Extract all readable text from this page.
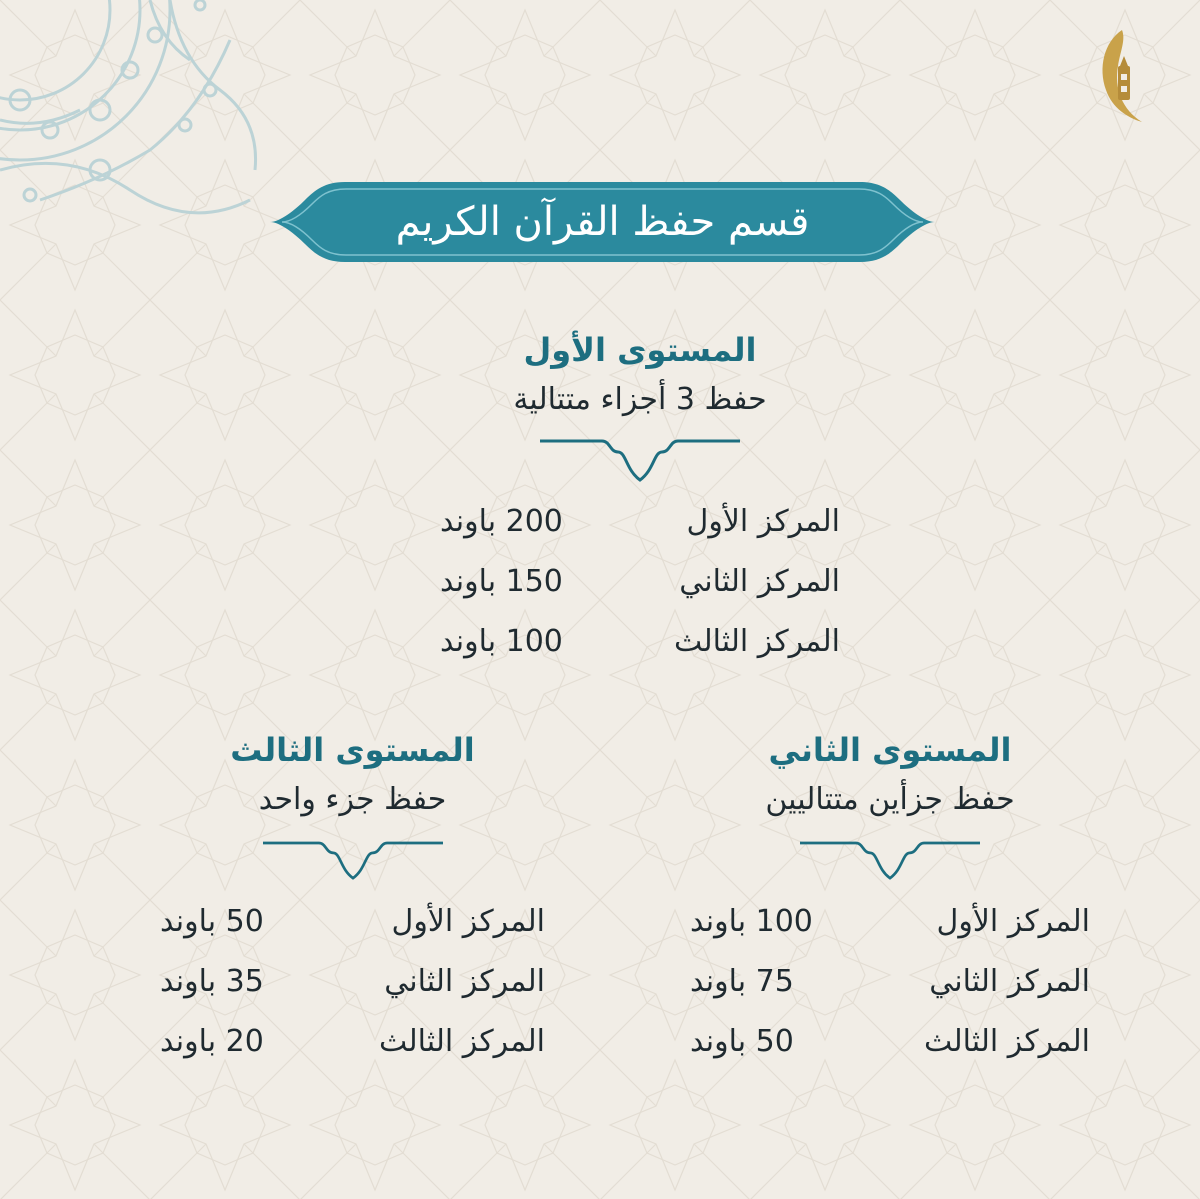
قسم حفظ القرآن الكريم
المستوى الأول
حفظ 3 أجزاء متتالية
المركز الأول
200 باوند
المركز الثاني
150 باوند
المركز الثالث
100 باوند
المستوى الثاني
حفظ جزأين متتاليين
المركز الأول
100 باوند
المركز الثاني
75 باوند
المركز الثالث
50 باوند
المستوى الثالث
حفظ جزء واحد
المركز الأول
50 باوند
المركز الثاني
35 باوند
المركز الثالث
20 باوند
